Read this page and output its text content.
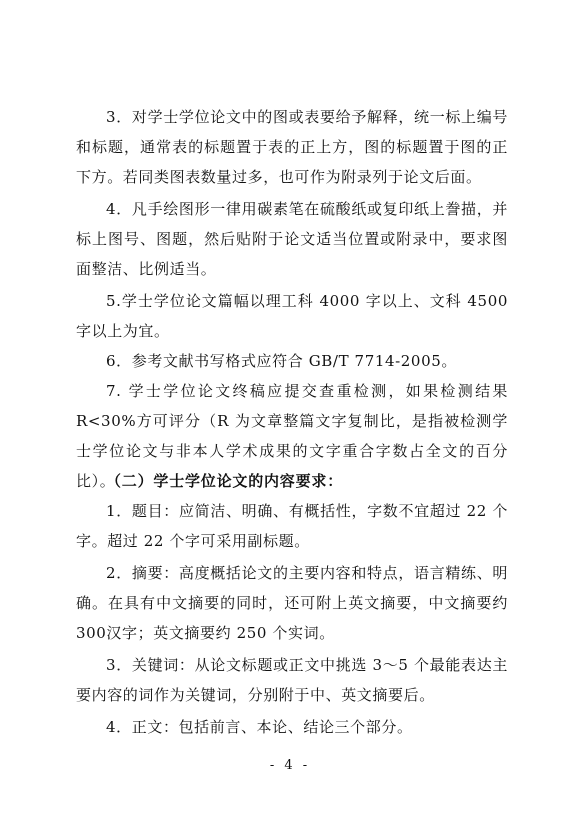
3．对学士学位论文中的图或表要给予解释，统一标上编号和标题，通常表的标题置于表的正上方，图的标题置于图的正下方。若同类图表数量过多，也可作为附录列于论文后面。

4．凡手绘图形一律用碳素笔在硫酸纸或复印纸上誊描，并标上图号、图题，然后贴附于论文适当位置或附录中，要求图面整洁、比例适当。

5.学士学位论文篇幅以理工科 4000 字以上、文科 4500 字以上为宜。

6．参考文献书写格式应符合 GB/T 7714-2005。

7. 学士学位论文终稿应提交查重检测，如果检测结果 R<30%方可评分（R 为文章整篇文字复制比，是指被检测学士学位论文与非本人学术成果的文字重合字数占全文的百分比）。

（二）学士学位论文的内容要求：

1．题目：应简洁、明确、有概括性，字数不宜超过 22 个字。超过 22 个字可采用副标题。

2．摘要：高度概括论文的主要内容和特点，语言精练、明确。在具有中文摘要的同时，还可附上英文摘要，中文摘要约300汉字；英文摘要约 250 个实词。

3．关键词：从论文标题或正文中挑选 3～5 个最能表达主要内容的词作为关键词，分别附于中、英文摘要后。

4．正文：包括前言、本论、结论三个部分。

- 4 -
